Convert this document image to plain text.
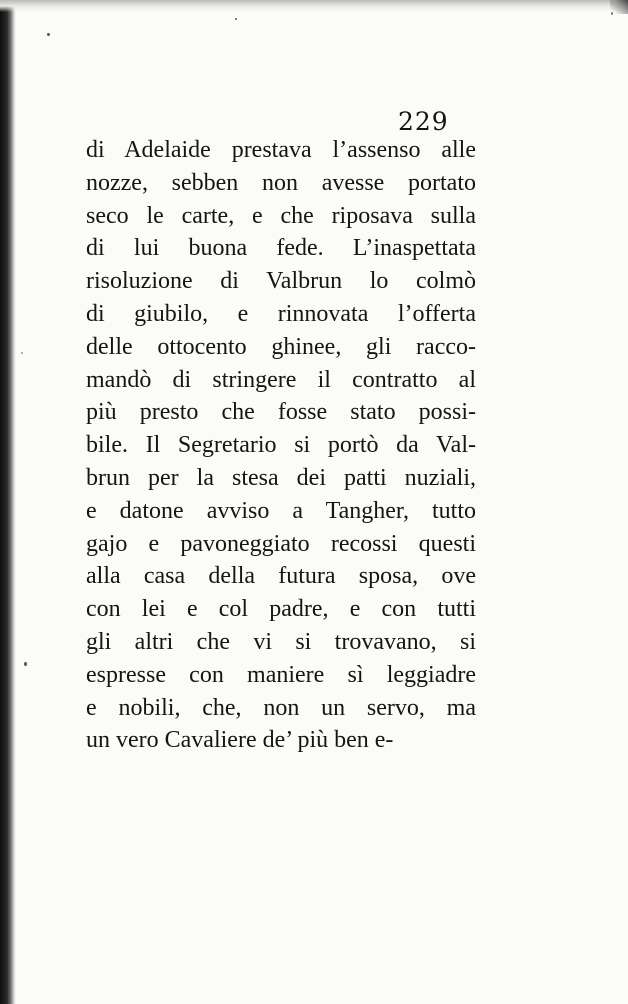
229
di Adelaide prestava l’assenso alle
nozze, sebben non avesse portato
seco le carte, e che riposava sulla
di lui buona fede. L’inaspettata
risoluzione di Valbrun lo colmò
di giubilo, e rinnovata l’offerta
delle ottocento ghinee, gli racco-
mandò di stringere il contratto al
più presto che fosse stato possi-
bile. Il Segretario si portò da Val-
brun per la stesa dei patti nuziali,
e datone avviso a Tangher, tutto
gajo e pavoneggiato recossi questi
alla casa della futura sposa, ove
con lei e col padre, e con tutti
gli altri che vi si trovavano, si
espresse con maniere sì leggiadre
e nobili, che, non un servo, ma
un vero Cavaliere de’ più ben e-
